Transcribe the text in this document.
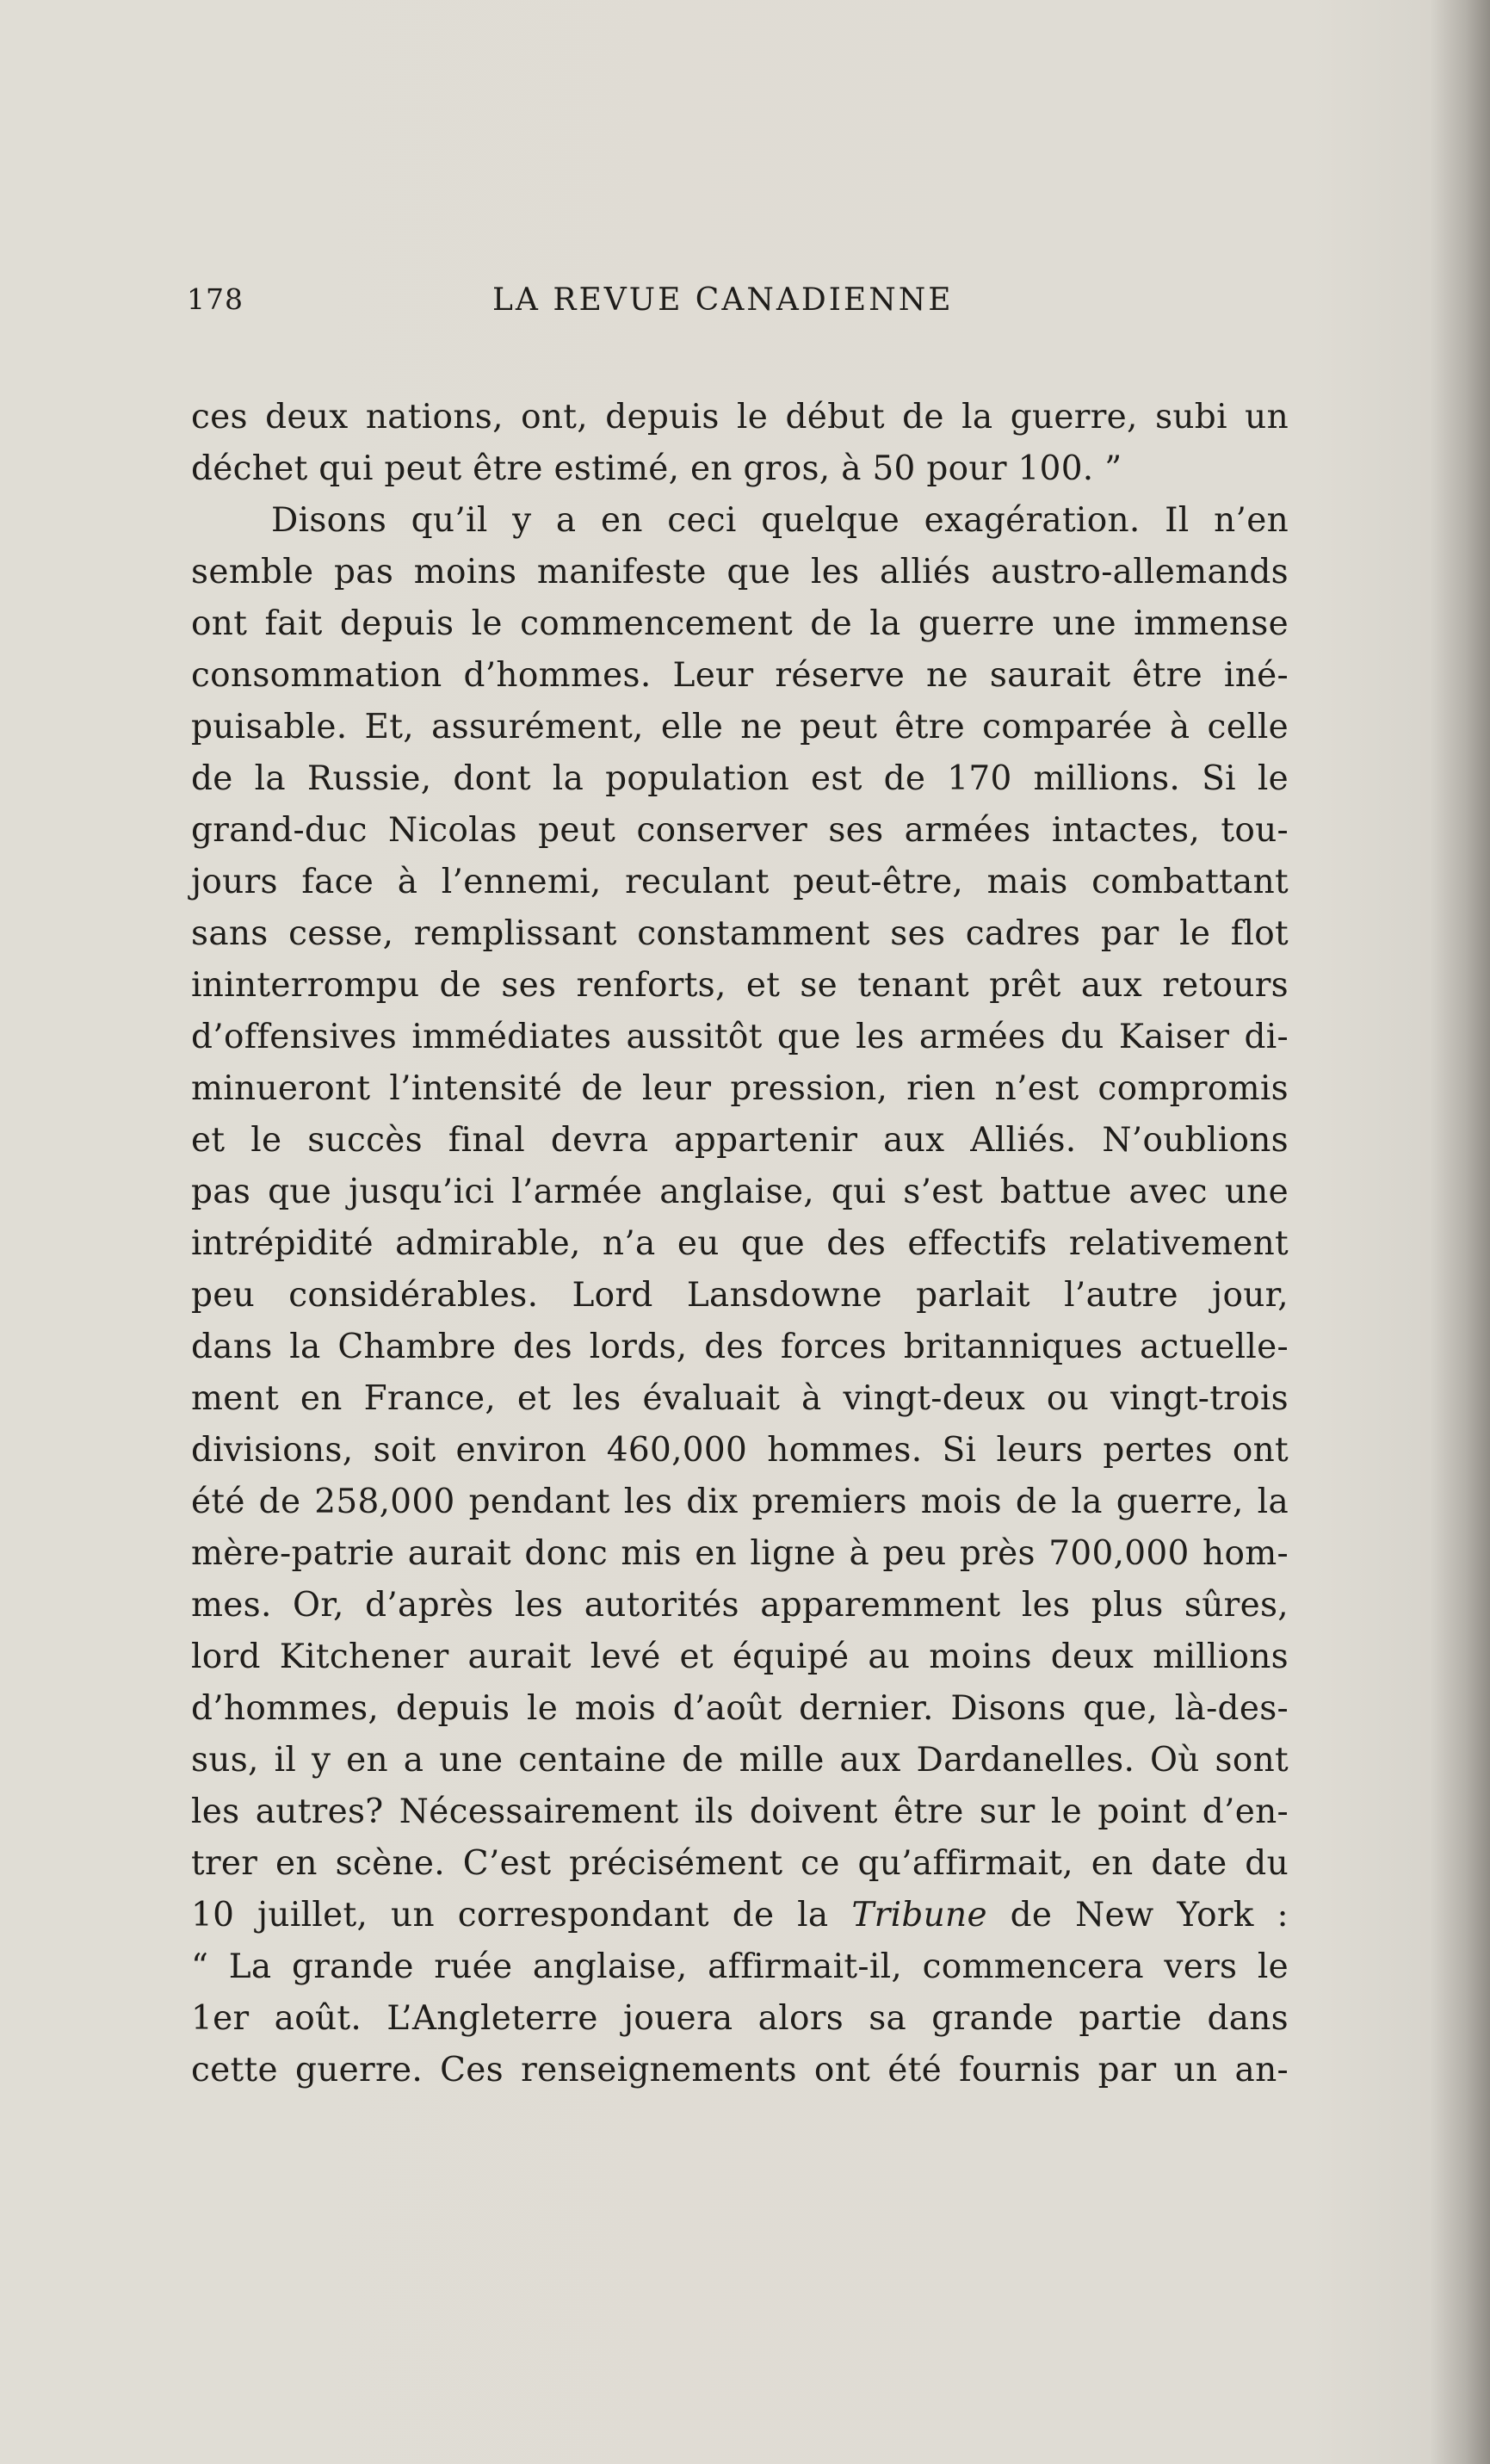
178	LA REVUE CANADIENNE
ces deux nations, ont, depuis le début de la guerre, subi un
déchet qui peut être estimé, en gros, à 50 pour 100. ”
Disons qu’il y a en ceci quelque exagération. Il n’en
semble pas moins manifeste que les alliés austro-allemands
ont fait depuis le commencement de la guerre une immense
consommation d’hommes. Leur réserve ne saurait être iné-
puisable. Et, assurément, elle ne peut être comparée à celle
de la Russie, dont la population est de 170 millions. Si le
grand-duc Nicolas peut conserver ses armées intactes, tou-
jours face à l’ennemi, reculant peut-être, mais combattant
sans cesse, remplissant constamment ses cadres par le flot
ininterrompu de ses renforts, et se tenant prêt aux retours
d’offensives immédiates aussitôt que les armées du Kaiser di-
minueront l’intensité de leur pression, rien n’est compromis
et le succès final devra appartenir aux Alliés. N’oublions
pas que jusqu’ici l’armée anglaise, qui s’est battue avec une
intrépidité admirable, n’a eu que des effectifs relativement
peu considérables. Lord Lansdowne parlait l’autre jour,
dans la Chambre des lords, des forces britanniques actuelle-
ment en France, et les évaluait à vingt-deux ou vingt-trois
divisions, soit environ 460,000 hommes. Si leurs pertes ont
été de 258,000 pendant les dix premiers mois de la guerre, la
mère-patrie aurait donc mis en ligne à peu près 700,000 hom-
mes. Or, d’après les autorités apparemment les plus sûres,
lord Kitchener aurait levé et équipé au moins deux millions
d’hommes, depuis le mois d’août dernier. Disons que, là-des-
sus, il y en a une centaine de mille aux Dardanelles. Où sont
les autres? Nécessairement ils doivent être sur le point d’en-
trer en scène. C’est précisément ce qu’affirmait, en date du
10 juillet, un correspondant de la Tribune de New York :
“ La grande ruée anglaise, affirmait-il, commencera vers le
1er août. L’Angleterre jouera alors sa grande partie dans
cette guerre. Ces renseignements ont été fournis par un an-
